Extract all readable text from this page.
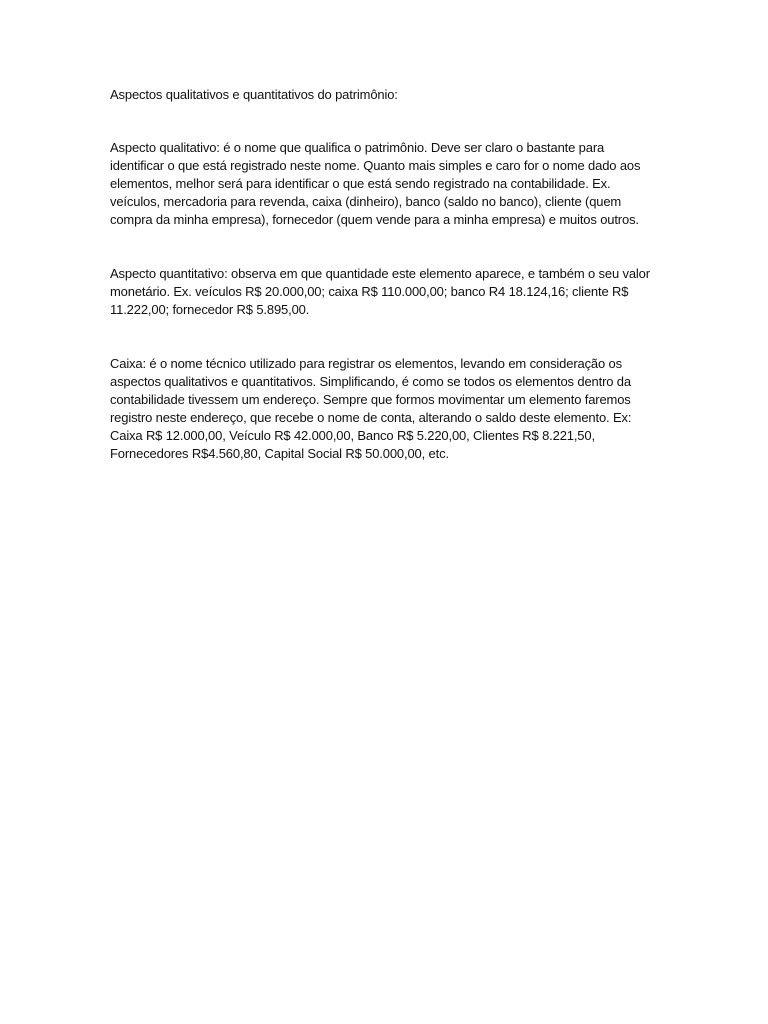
Aspectos qualitativos e quantitativos do patrimônio:

Aspecto qualitativo: é o nome que qualifica o patrimônio. Deve ser claro o bastante para identificar o que está registrado neste nome. Quanto mais simples e caro for o nome dado aos elementos, melhor será para identificar o que está sendo registrado na contabilidade. Ex. veículos, mercadoria para revenda, caixa (dinheiro), banco (saldo no banco), cliente (quem compra da minha empresa), fornecedor (quem vende para a minha empresa) e muitos outros.

Aspecto quantitativo: observa em que quantidade este elemento aparece, e também o seu valor monetário. Ex. veículos R$ 20.000,00; caixa R$ 110.000,00; banco R4 18.124,16; cliente R$ 11.222,00; fornecedor R$ 5.895,00.

Caixa: é o nome técnico utilizado para registrar os elementos, levando em consideração os aspectos qualitativos e quantitativos. Simplificando, é como se todos os elementos dentro da contabilidade tivessem um endereço. Sempre que formos movimentar um elemento faremos registro neste endereço, que recebe o nome de conta, alterando o saldo deste elemento. Ex: Caixa R$ 12.000,00, Veículo R$ 42.000,00, Banco R$ 5.220,00, Clientes R$ 8.221,50, Fornecedores R$4.560,80, Capital Social R$ 50.000,00, etc.
